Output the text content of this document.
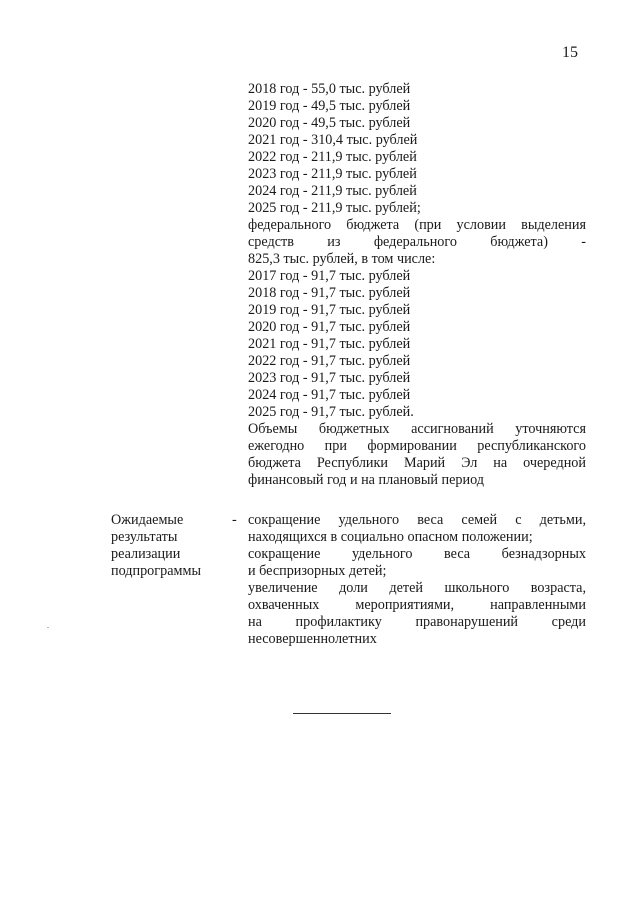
15
2018 год - 55,0 тыс. рублей
2019 год - 49,5 тыс. рублей
2020 год - 49,5 тыс. рублей
2021 год - 310,4 тыс. рублей
2022 год - 211,9 тыс. рублей
2023 год - 211,9 тыс. рублей
2024 год - 211,9 тыс. рублей
2025 год - 211,9 тыс. рублей;
федерального бюджета (при условии выделения
средств из федерального бюджета) -
825,3 тыс. рублей, в том числе:
2017 год - 91,7 тыс. рублей
2018 год - 91,7 тыс. рублей
2019 год - 91,7 тыс. рублей
2020 год - 91,7 тыс. рублей
2021 год - 91,7 тыс. рублей
2022 год - 91,7 тыс. рублей
2023 год - 91,7 тыс. рублей
2024 год - 91,7 тыс. рублей
2025 год - 91,7 тыс. рублей.
Объемы бюджетных ассигнований уточняются
ежегодно при формировании республиканского
бюджета Республики Марий Эл на очередной
финансовый год и на плановый период
Ожидаемые
результаты
реализации
подпрограммы
- сокращение удельного веса семей с детьми,
находящихся в социально опасном положении;
сокращение удельного веса безнадзорных
и беспризорных детей;
увеличение доли детей школьного возраста,
охваченных мероприятиями, направленными
на профилактику правонарушений среди
несовершеннолетних
